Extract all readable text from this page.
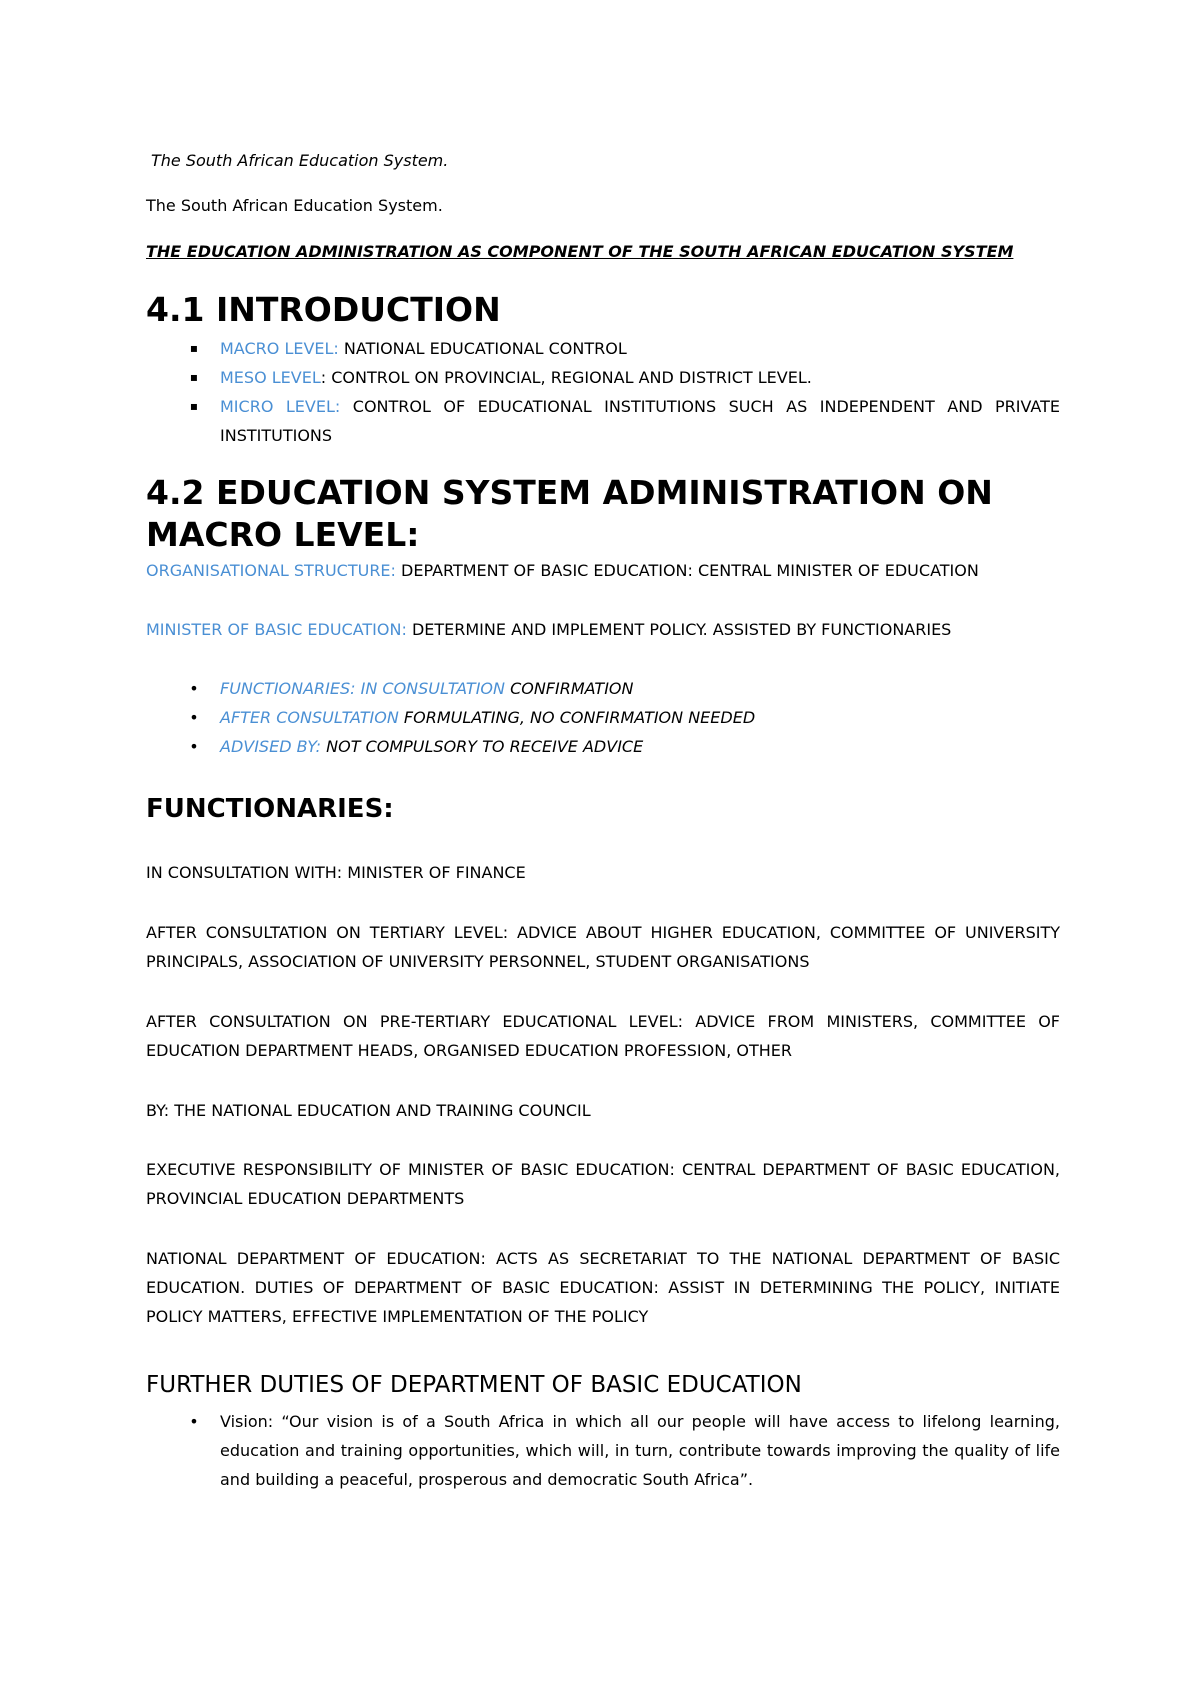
The South African Education System.

The South African Education System.

THE EDUCATION ADMINISTRATION AS COMPONENT OF THE SOUTH AFRICAN EDUCATION SYSTEM

4.1 INTRODUCTION
▪	MACRO LEVEL: NATIONAL EDUCATIONAL CONTROL
▪	MESO LEVEL: CONTROL ON PROVINCIAL, REGIONAL AND DISTRICT LEVEL.
▪	MICRO LEVEL: CONTROL OF EDUCATIONAL INSTITUTIONS SUCH AS INDEPENDENT AND PRIVATE INSTITUTIONS
4.2 EDUCATION SYSTEM ADMINISTRATION ON MACRO LEVEL:

ORGANISATIONAL STRUCTURE: DEPARTMENT OF BASIC EDUCATION: CENTRAL MINISTER OF EDUCATION

MINISTER OF BASIC EDUCATION: DETERMINE AND IMPLEMENT POLICY. ASSISTED BY FUNCTIONARIES

•	FUNCTIONARIES: IN CONSULTATION CONFIRMATION
•	AFTER CONSULTATION FORMULATING, NO CONFIRMATION NEEDED
•	ADVISED BY: NOT COMPULSORY TO RECEIVE ADVICE
FUNCTIONARIES:

IN CONSULTATION WITH: MINISTER OF FINANCE

AFTER CONSULTATION ON TERTIARY LEVEL: ADVICE ABOUT HIGHER EDUCATION, COMMITTEE OF UNIVERSITY PRINCIPALS, ASSOCIATION OF UNIVERSITY PERSONNEL, STUDENT ORGANISATIONS

AFTER CONSULTATION ON PRE-TERTIARY EDUCATIONAL LEVEL: ADVICE FROM MINISTERS, COMMITTEE OF EDUCATION DEPARTMENT HEADS, ORGANISED EDUCATION PROFESSION, OTHER

BY: THE NATIONAL EDUCATION AND TRAINING COUNCIL

EXECUTIVE RESPONSIBILITY OF MINISTER OF BASIC EDUCATION: CENTRAL DEPARTMENT OF BASIC EDUCATION, PROVINCIAL EDUCATION DEPARTMENTS

NATIONAL DEPARTMENT OF EDUCATION: ACTS AS SECRETARIAT TO THE NATIONAL DEPARTMENT OF BASIC EDUCATION. DUTIES OF DEPARTMENT OF BASIC EDUCATION: ASSIST IN DETERMINING THE POLICY, INITIATE POLICY MATTERS, EFFECTIVE IMPLEMENTATION OF THE POLICY

FURTHER DUTIES OF DEPARTMENT OF BASIC EDUCATION
•	Vision: “Our vision is of a South Africa in which all our people will have access to lifelong learning, education and training opportunities, which will, in turn, contribute towards improving the quality of life and building a peaceful, prosperous and democratic South Africa”.
